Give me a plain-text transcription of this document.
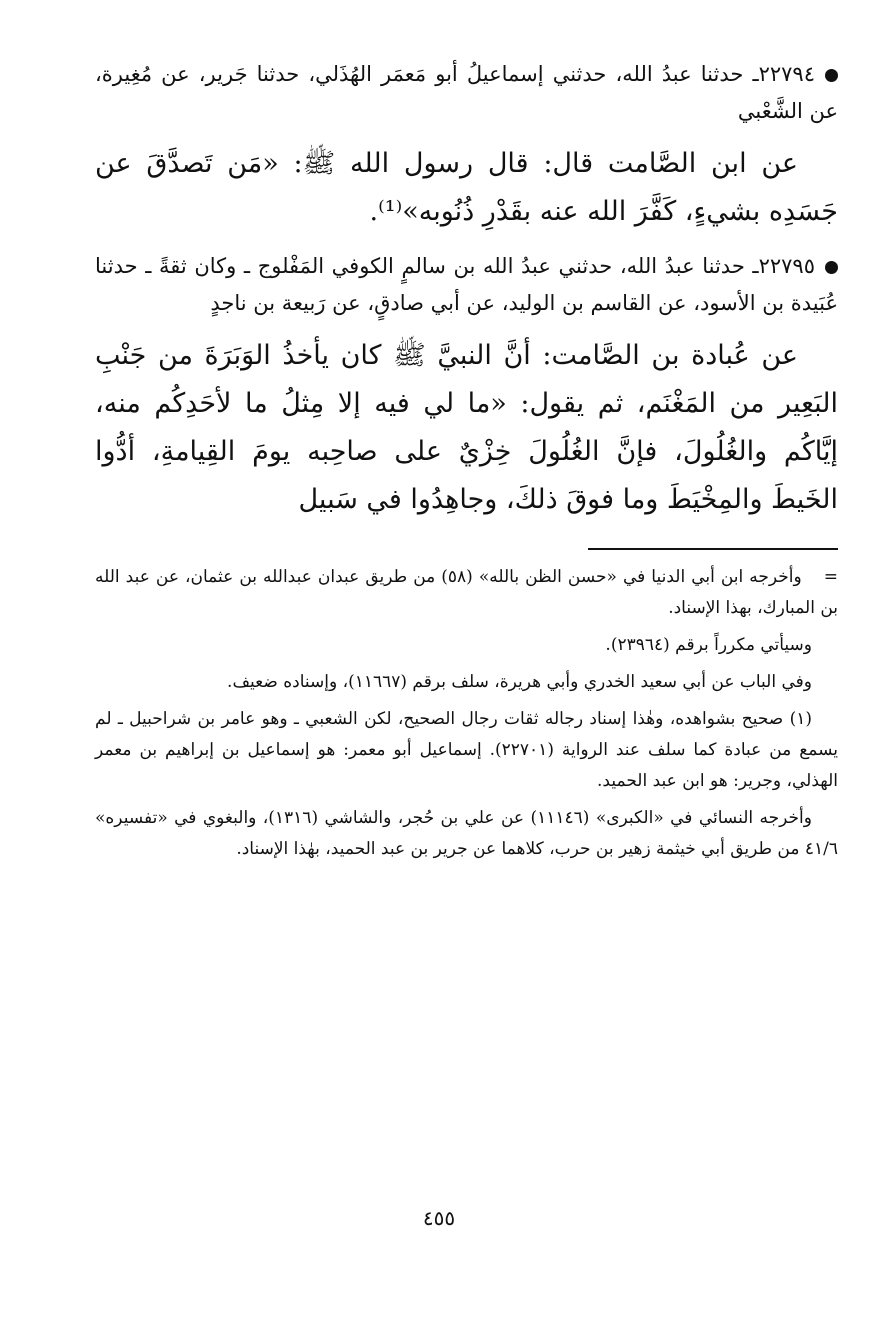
٢٢٧٩٤ـ حدثنا عبدُ الله، حدثني إسماعيلُ أبو مَعمَر الهُذَلي، حدثنا جَرير، عن مُغِيرة، عن الشَّعْبي

عن ابن الصَّامت قال: قال رسول الله ﷺ: «مَن تَصدَّقَ عن جَسَدِه بشيءٍ، كَفَّرَ الله عنه بقَدْرِ ذُنُوبه»⁽¹⁾.

٢٢٧٩٥ـ حدثنا عبدُ الله، حدثني عبدُ الله بن سالمٍ الكوفي المَفْلوج ـ وكان ثقةً ـ حدثنا عُبَيدة بن الأسود، عن القاسم بن الوليد، عن أبي صادقٍ، عن رَبيعة بن ناجدٍ

عن عُبادة بن الصَّامت: أنَّ النبيَّ ﷺ كان يأخذُ الوَبَرَةَ من جَنْبِ البَعِير من المَغْنَم، ثم يقول: «ما لي فيه إلا مِثلُ ما لأحَدِكُم منه، إيَّاكُم والغُلُولَ، فإنَّ الغُلُولَ خِزْيٌ على صاحِبه يومَ القِيامةِ، أدُّوا الخَيطَ والمِخْيَطَ وما فوقَ ذلكَ، وجاهِدُوا في سَبيل

=وأخرجه ابن أبي الدنيا في «حسن الظن بالله» (٥٨) من طريق عبدان عبدالله بن عثمان، عن عبد الله بن المبارك، بهذا الإسناد.

وسيأتي مكرراً برقم (٢٣٩٦٤).

وفي الباب عن أبي سعيد الخدري وأبي هريرة، سلف برقم (١١٦٦٧)، وإسناده ضعيف.

(١) صحيح بشواهده، وهٰذا إسناد رجاله ثقات رجال الصحيح، لكن الشعبي ـ وهو عامر بن شراحبيل ـ لم يسمع من عبادة كما سلف عند الرواية (٢٢٧٠١). إسماعيل أبو معمر: هو إسماعيل بن إبراهيم بن معمر الهذلي، وجرير: هو ابن عبد الحميد.

وأخرجه النسائي في «الكبرى» (١١١٤٦) عن علي بن حُجر، والشاشي (١٣١٦)، والبغوي في «تفسيره» ٤١/٦ من طريق أبي خيثمة زهير بن حرب، كلاهما عن جرير بن عبد الحميد، بهٰذا الإسناد.

٤٥٥
